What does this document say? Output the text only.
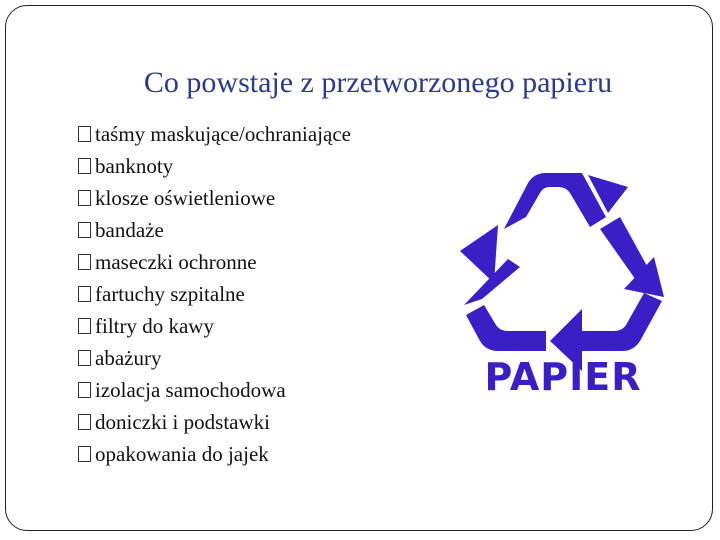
Co powstaje z przetworzonego papieru
taśmy maskujące/ochraniające
banknoty
klosze oświetleniowe
bandaże
maseczki ochronne
fartuchy szpitalne
filtry do kawy
abażury
izolacja samochodowa
doniczki i podstawki
opakowania do jajek
PAPIER
